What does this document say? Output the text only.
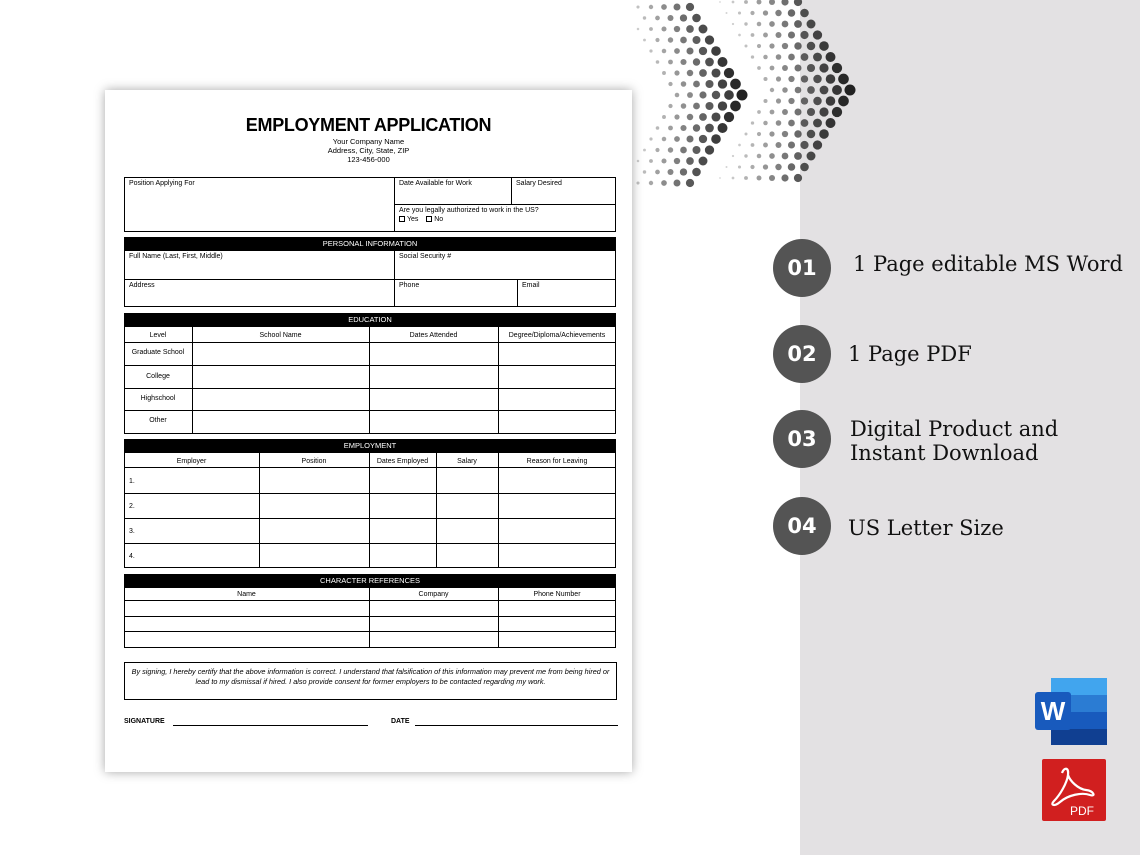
EMPLOYMENT APPLICATION
Your Company Name
Address, City, State, ZIP
123-456-000
Position Applying For	Date Available for Work	Salary Desired
Are you legally authorized to work in the US?
Yes No
PERSONAL INFORMATION
Full Name (Last, First, Middle)	Social Security #
Address	Phone	Email
EDUCATION
Level	School Name	Dates Attended	Degree/Diploma/Achievements
Graduate School
College
Highschool
Other
EMPLOYMENT
Employer	Position	Dates Employed	Salary	Reason for Leaving
1.
2.
3.
4.
CHARACTER REFERENCES
Name	Company	Phone Number
By signing, I hereby certify that the above information is correct. I understand that falsification of this information may prevent me from being hired or lead to my dismissal if hired. I also provide consent for former employers to be contacted regarding my work.
SIGNATURE	DATE
01	1 Page editable MS Word
02	1 Page PDF
03	Digital Product and
Instant Download
04	US Letter Size
W
PDF
